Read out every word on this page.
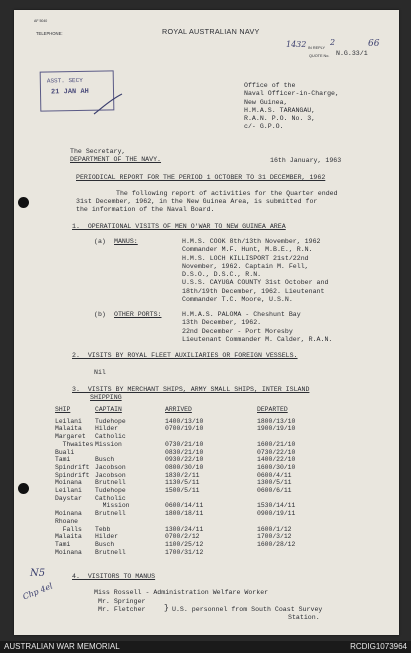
AF 5040
TELEPHONE:	ROYAL AUSTRALIAN NAVY
IN REPLY
QUOTE No. N.G.33/1
1432	2	66
ASST. SECY
21 JAN AH
Office of the
Naval Officer-in-Charge,
New Guinea,
H.M.A.S. TARANGAU,
R.A.N. P.O. No. 3,
c/- G.P.O.
16th January, 1963
The Secretary,
DEPARTMENT OF THE NAVY.
PERIODICAL REPORT FOR THE PERIOD 1 OCTOBER TO 31 DECEMBER, 1962
The following report of activities for the Quarter ended
31st December, 1962, in the New Guinea Area, is submitted for
the information of the Naval Board.
1.  OPERATIONAL VISITS OF MEN O'WAR TO NEW GUINEA AREA
(a) MANUS:	H.M.S. COOK 8th/13th November, 1962
Commander M.F. Hunt, M.B.E., R.N.
H.M.S. LOCH KILLISPORT 21st/22nd
November, 1962. Captain M. Fell,
D.S.O., D.S.C., R.N.
U.S.S. CAYUGA COUNTY 31st October and
18th/19th December, 1962. Lieutenant
Commander T.C. Moore, U.S.N.
(b) OTHER PORTS:	H.M.A.S. PALOMA - Cheshunt Bay
13th December, 1962.
22nd December - Port Moresby
Lieutenant Commander M. Calder, R.A.N.
2.  VISITS BY ROYAL FLEET AUXILIARIES OR FOREIGN VESSELS.
Nil
3.  VISITS BY MERCHANT SHIPS, ARMY SMALL SHIPS, INTER ISLAND
SHIPPING
SHIP	CAPTAIN	ARRIVED	DEPARTED

Leilani	Tudehope	1400/13/10	1800/13/10
Malaita	Hilder	0700/19/10	1900/19/10
Margaret	Catholic		
Thwaites	Mission	0730/21/10	1600/21/10
Buali		0830/21/10	0730/22/10
Tami	Busch	0930/22/10	1400/22/10
Spindrift	Jacobson	0800/30/10	1600/30/10
Spindrift	Jacobson	1830/2/11	0600/4/11
Moinana	Brutnell	1130/5/11	1300/5/11
Leilani	Tudehope	1500/5/11	0600/6/11
Daystar	Catholic		
	Mission	0600/14/11	1530/14/11
Moinana	Brutnell	1800/18/11	0900/19/11
Rhoane			
Falls	Tebb	1300/24/11	1600/1/12
Malaita	Hilder	0700/2/12	1700/3/12
Tami	Busch	1100/25/12	1600/28/12
Moinana	Brutnell	1700/31/12	
4.  VISITORS TO MANUS
Miss Rossell - Administration Welfare Worker
Mr. Springer
Mr. Fletcher } U.S. personnel from South Coast Survey
Station.
N5
Chp 4el
AUSTRALIAN WAR MEMORIAL	RCDIG1073964
